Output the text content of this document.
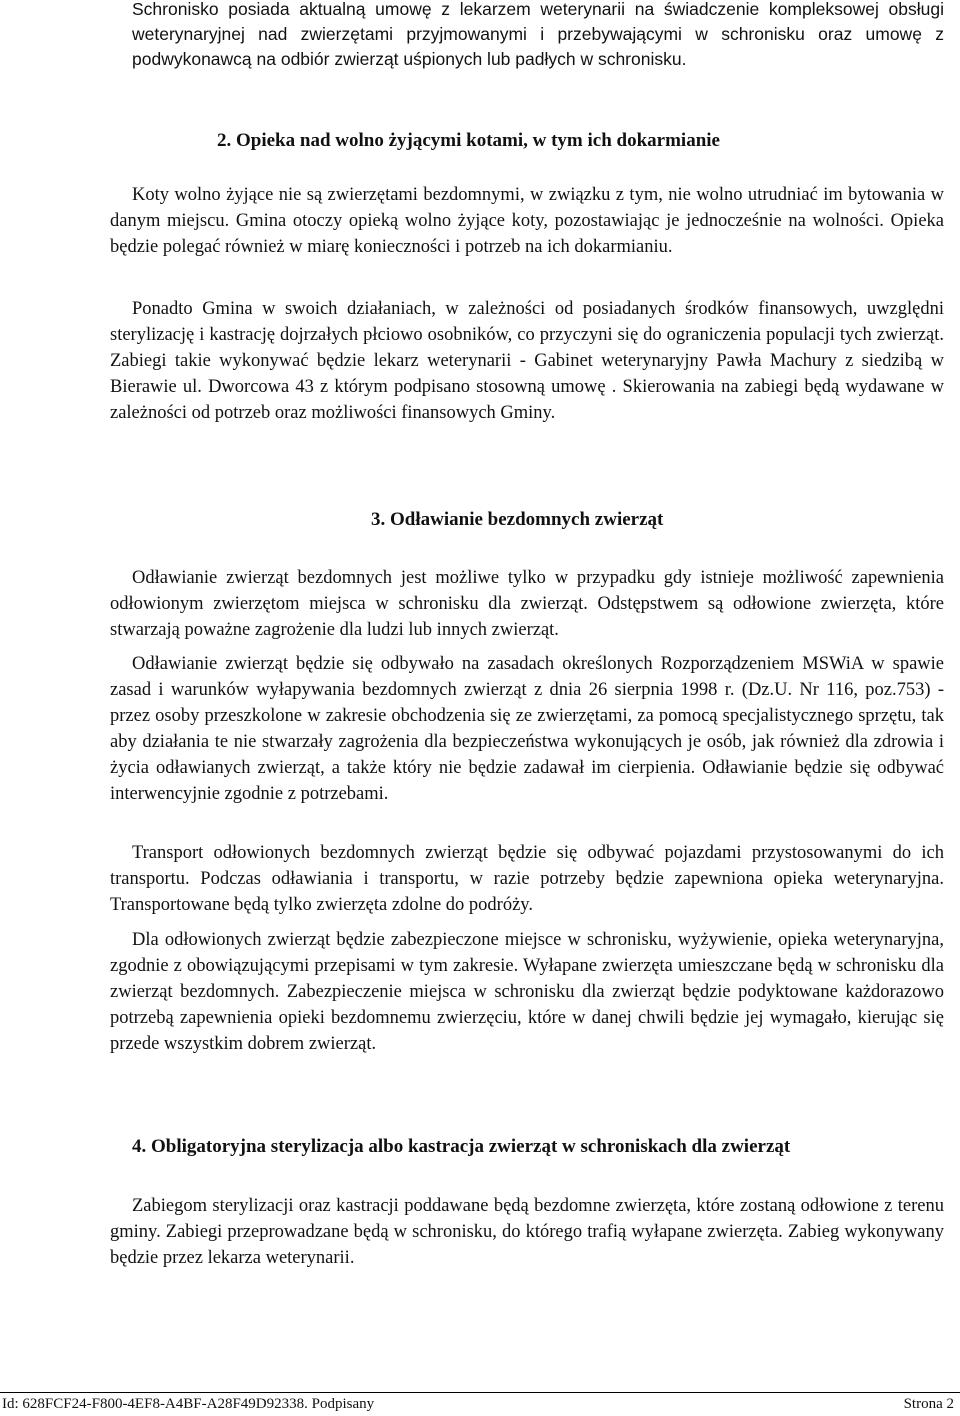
Schronisko posiada aktualną umowę z lekarzem weterynarii na świadczenie kompleksowej obsługi weterynaryjnej nad zwierzętami przyjmowanymi i przebywającymi w schronisku oraz umowę z podwykonawcą na odbiór zwierząt uśpionych lub padłych w schronisku.

2. Opieka nad wolno żyjącymi kotami, w tym ich dokarmianie

Koty wolno żyjące nie są zwierzętami bezdomnymi, w związku z tym, nie wolno utrudniać im bytowania w danym miejscu. Gmina otoczy opieką wolno żyjące koty, pozostawiając je jednocześnie na wolności. Opieka będzie polegać również w miarę konieczności i potrzeb na ich dokarmianiu.

Ponadto Gmina w swoich działaniach, w zależności od posiadanych środków finansowych, uwzględni sterylizację i kastrację dojrzałych płciowo osobników, co przyczyni się do ograniczenia populacji tych zwierząt. Zabiegi takie wykonywać będzie lekarz weterynarii - Gabinet weterynaryjny Pawła Machury z siedzibą w Bierawie ul. Dworcowa 43 z którym podpisano stosowną umowę . Skierowania na zabiegi będą wydawane w zależności od potrzeb oraz możliwości finansowych Gminy.

3. Odławianie bezdomnych zwierząt

Odławianie zwierząt bezdomnych jest możliwe tylko w przypadku gdy istnieje możliwość zapewnienia odłowionym zwierzętom miejsca w schronisku dla zwierząt. Odstępstwem są odłowione zwierzęta, które stwarzają poważne zagrożenie dla ludzi lub innych zwierząt.

Odławianie zwierząt będzie się odbywało na zasadach określonych Rozporządzeniem MSWiA w spawie zasad i warunków wyłapywania bezdomnych zwierząt z dnia 26 sierpnia 1998 r. (Dz.U. Nr 116, poz.753) - przez osoby przeszkolone w zakresie obchodzenia się ze zwierzętami, za pomocą specjalistycznego sprzętu, tak aby działania te nie stwarzały zagrożenia dla bezpieczeństwa wykonujących je osób, jak również dla zdrowia i życia odławianych zwierząt, a także który nie będzie zadawał im cierpienia. Odławianie będzie się odbywać interwencyjnie zgodnie z potrzebami.

Transport odłowionych bezdomnych zwierząt będzie się odbywać pojazdami przystosowanymi do ich transportu. Podczas odławiania i transportu, w razie potrzeby będzie zapewniona opieka weterynaryjna. Transportowane będą tylko zwierzęta zdolne do podróży.

Dla odłowionych zwierząt będzie zabezpieczone miejsce w schronisku, wyżywienie, opieka weterynaryjna, zgodnie z obowiązującymi przepisami w tym zakresie. Wyłapane zwierzęta umieszczane będą w schronisku dla zwierząt bezdomnych. Zabezpieczenie miejsca w schronisku dla zwierząt będzie podyktowane każdorazowo potrzebą zapewnienia opieki bezdomnemu zwierzęciu, które w danej chwili będzie jej wymagało, kierując się przede wszystkim dobrem zwierząt.

4. Obligatoryjna sterylizacja albo kastracja zwierząt w schroniskach dla zwierząt

Zabiegom sterylizacji oraz kastracji poddawane będą bezdomne zwierzęta, które zostaną odłowione z terenu gminy. Zabiegi przeprowadzane będą w schronisku, do którego trafią wyłapane zwierzęta. Zabieg wykonywany będzie przez lekarza weterynarii.

Id: 628FCF24-F800-4EF8-A4BF-A28F49D92338. Podpisany	Strona 2
